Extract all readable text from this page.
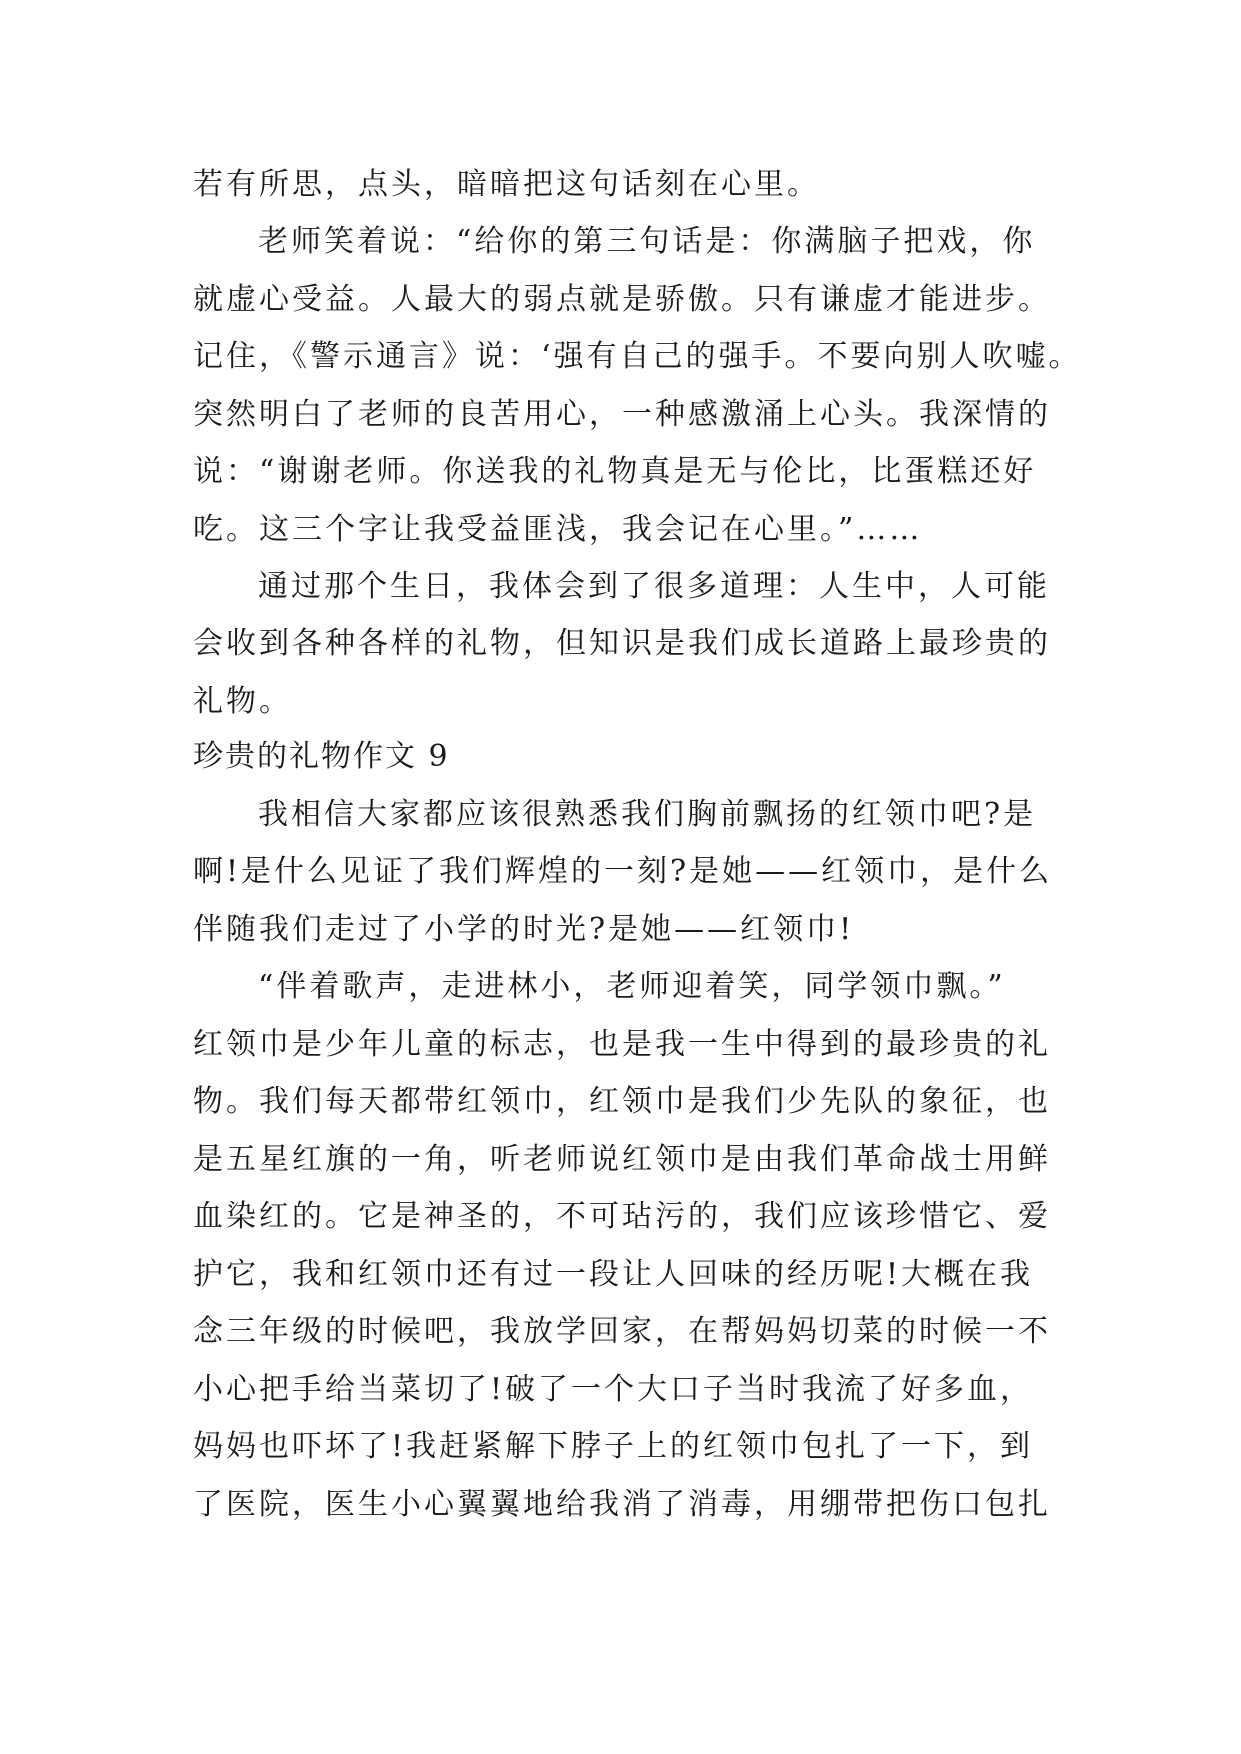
若有所思，点头，暗暗把这句话刻在心里。
老师笑着说：“给你的第三句话是：你满脑子把戏，你
就虚心受益。人最大的弱点就是骄傲。只有谦虚才能进步。
记住，《警示通言》说：‘强有自己的强手。不要向别人吹嘘。
突然明白了老师的良苦用心，一种感激涌上心头。我深情的
说：“谢谢老师。你送我的礼物真是无与伦比，比蛋糕还好
吃。这三个字让我受益匪浅，我会记在心里。”……
通过那个生日，我体会到了很多道理：人生中，人可能
会收到各种各样的礼物，但知识是我们成长道路上最珍贵的
礼物。
珍贵的礼物作文 9
我相信大家都应该很熟悉我们胸前飘扬的红领巾吧?是
啊!是什么见证了我们辉煌的一刻?是她——红领巾，是什么
伴随我们走过了小学的时光?是她——红领巾!
“伴着歌声，走进林小，老师迎着笑，同学领巾飘。”
红领巾是少年儿童的标志，也是我一生中得到的最珍贵的礼
物。我们每天都带红领巾，红领巾是我们少先队的象征，也
是五星红旗的一角，听老师说红领巾是由我们革命战士用鲜
血染红的。它是神圣的，不可玷污的，我们应该珍惜它、爱
护它，我和红领巾还有过一段让人回味的经历呢!大概在我
念三年级的时候吧，我放学回家，在帮妈妈切菜的时候一不
小心把手给当菜切了!破了一个大口子当时我流了好多血，
妈妈也吓坏了!我赶紧解下脖子上的红领巾包扎了一下，到
了医院，医生小心翼翼地给我消了消毒，用绷带把伤口包扎
